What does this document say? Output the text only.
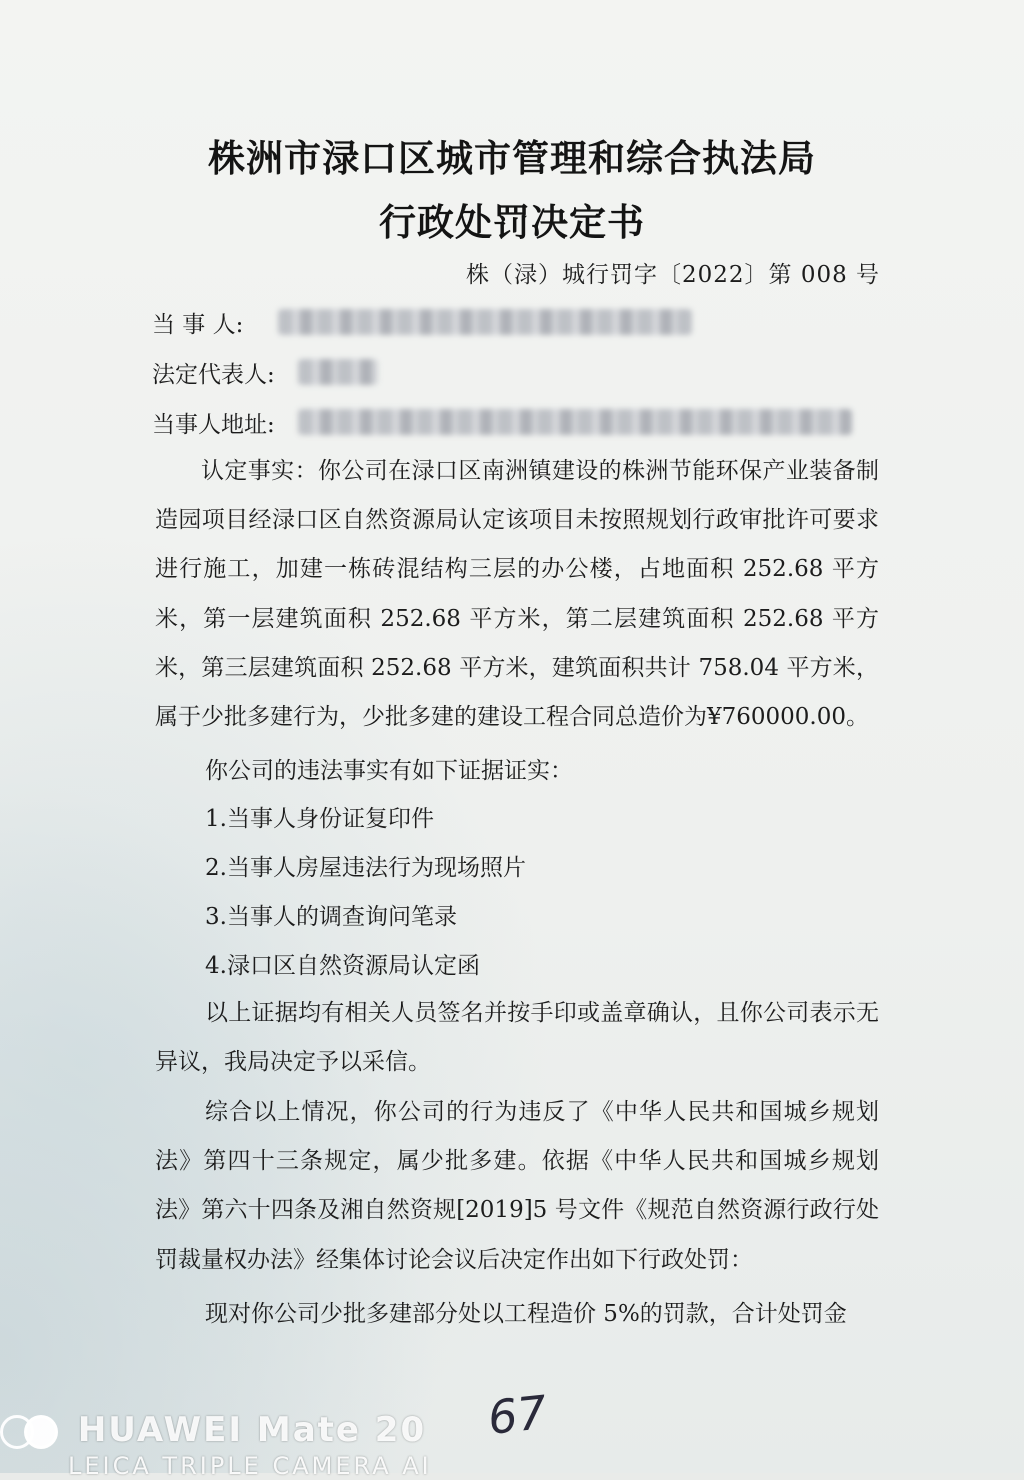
株洲市渌口区城市管理和综合执法局
行政处罚决定书
株（渌）城行罚字〔2022〕第 008 号
当 事 人:
法定代表人:
当事人地址:
认定事实：你公司在渌口区南洲镇建设的株洲节能环保产业装备制造园项目经渌口区自然资源局认定该项目未按照规划行政审批许可要求进行施工，加建一栋砖混结构三层的办公楼，占地面积 252.68 平方米，第一层建筑面积 252.68 平方米，第二层建筑面积 252.68 平方米，第三层建筑面积 252.68 平方米，建筑面积共计 758.04 平方米，属于少批多建行为，少批多建的建设工程合同总造价为¥760000.00。
你公司的违法事实有如下证据证实：
1.当事人身份证复印件
2.当事人房屋违法行为现场照片
3.当事人的调查询问笔录
4.渌口区自然资源局认定函
以上证据均有相关人员签名并按手印或盖章确认，且你公司表示无异议，我局决定予以采信。
综合以上情况，你公司的行为违反了《中华人民共和国城乡规划法》第四十三条规定，属少批多建。依据《中华人民共和国城乡规划法》第六十四条及湘自然资规[2019]5 号文件《规范自然资源行政行处罚裁量权办法》经集体讨论会议后决定作出如下行政处罚：
现对你公司少批多建部分处以工程造价 5%的罚款，合计处罚金
67
HUAWEI Mate 20
LEICA TRIPLE CAMERA AI
